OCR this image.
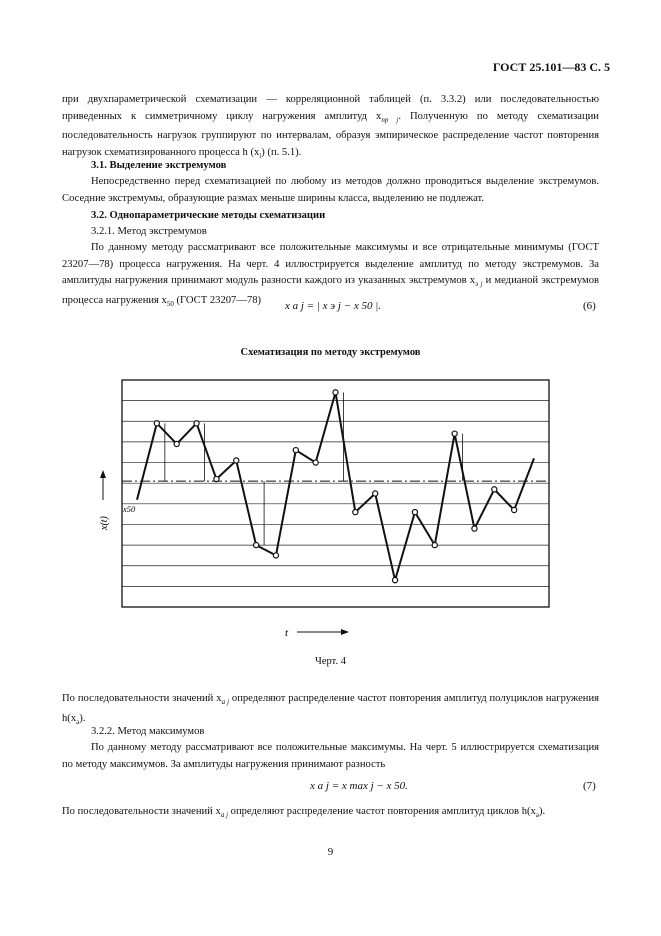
ГОСТ 25.101—83 С. 5

при двухпараметрической схематизации — корреляционной таблицей (п. 3.3.2) или последовательностью приведенных к симметричному циклу нагружения амплитуд $x_{пр j}$. Полученную по методу схематизации последовательность нагрузок группируют по интервалам, образуя эмпирическое распределение частот повторения нагрузок схематизированного процесса h $(x_i)$ (п. 5.1).

3.1. Выделение экстремумов

Непосредственно перед схематизацией по любому из методов должно проводиться выделение экстремумов. Соседние экстремумы, образующие размах меньше ширины класса, выделению не подлежат.

3.2. Однопараметрические методы схематизации
3.2.1. Метод экстремумов

По данному методу рассматривают все положительные максимумы и все отрицательные минимумы (ГОСТ 23207—78) процесса нагружения. На черт. 4 иллюстрируется выделение амплитуд по методу экстремумов. За амплитуды нагружения принимают модуль разности каждого из указанных экстремумов $x_{э j}$ и медианой экстремумов процесса нагружения $x_{50}$ (ГОСТ 23207—78)	x a j = | x э j − x 50 |.	(6)
Схематизация по методу экстремумов
x(t)
x50
t
Черт. 4

По последовательности значений $x_{a j}$ определяют распределение частот повторения амплитуд полуциклов нагружения $h(x_a)$.

3.2.2. Метод максимумов

По данному методу рассматривают все положительные максимумы. На черт. 5 иллюстрируется схематизация по методу максимумов. За амплитуды нагружения принимают разность

x a j = x max j − x 50.	(7)

По последовательности значений $x_{a j}$ определяют распределение частот повторения амплитуд циклов $h(x_a)$.

9
